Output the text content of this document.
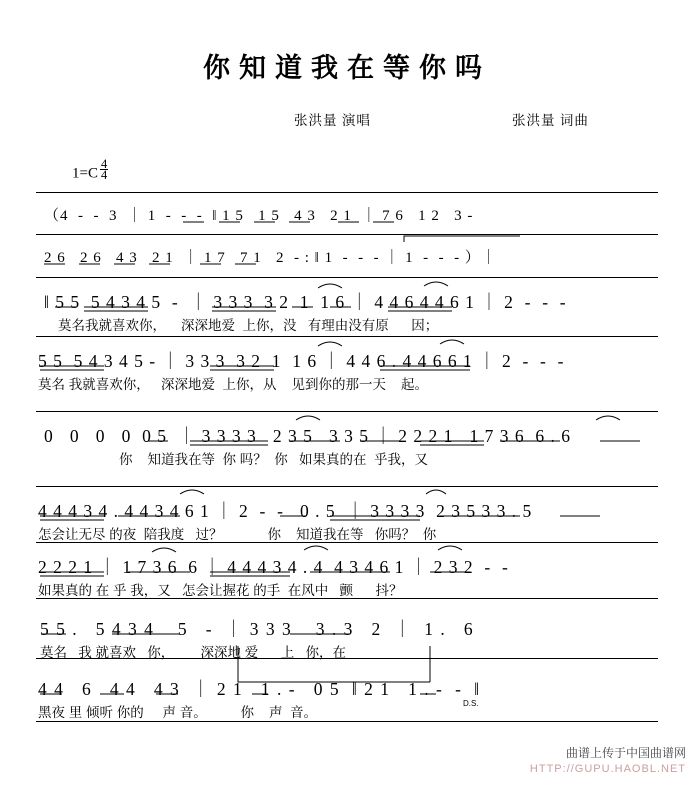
你知道我在等你吗
张洪量 演唱	张洪量 词曲
$1=C \frac{4}{4}$
（4  -  -  3  ｜ 1  -  -  -  ‖ 1 5   1 5   4 3   2 1  ｜ 7 6   1 2   3 -
2 6   2 6   4 3   2 1  ｜ 1 7   7 1   2  - : ‖ 1  -  -  - ｜ 1  -  -  - ）｜
‖ 5 5  5 4 3 4 5  -  ｜ 3 3 3  3 2  1  1 6 ｜ 4 4 6 4 4 6 1 ｜ 2  -  -  -
莫名我就喜欢你，    深深地爱  上你，没   有理由没有原      因；
5 5  5 4 3 4 5 - ｜ 3 3 3  3 2  1  1 6 ｜ 4 4 6 . 4 4 6 6 1 ｜ 2  -  -  -
莫名 我就喜欢你，   深深地爱  上你，从    见到你的那一天    起。
0   0   0   0  0 5  ｜ 3 3 3 3   2 3 5   3 3 5 ｜ 2 2 2 1   1 7 3 6  6 . 6
你    知道我在等  你 吗？  你   如果真的在  乎我，又
4 4 4 3 4 . 4 4 3 4 6 1 ｜ 2  -  -   0 . 5  ｜ 3 3 3 3  2 3 5 3 3 . 5
怎会让无尽 的夜  陪我度   过？            你    知道我在等   你吗？  你
2 2 2 1 ｜ 1 7 3 6  6 ｜ 4 4 4 3 4 . 4  4 3 4 6 1 ｜ 2 3 2  -  -
如果真的 在 乎 我，又   怎会让握花 的手  在风中   颤      抖？
5 5 .   5 4 3 4    5   -  ｜ 3 3 3    3 . 3   2  ｜  1 .   6
莫名   我 就喜欢   你，       深深地 爱      上   你，在
4 4   6   4 4   4 3  ｜ 2 1   1 . -   0 5  ‖ 2 1   1 . -  -  ‖
黑夜 里 倾听 你的     声 音。         你    声  音。
D.S.
曲谱上传于中国曲谱网
HTTP://GUPU.HAOBL.NET
